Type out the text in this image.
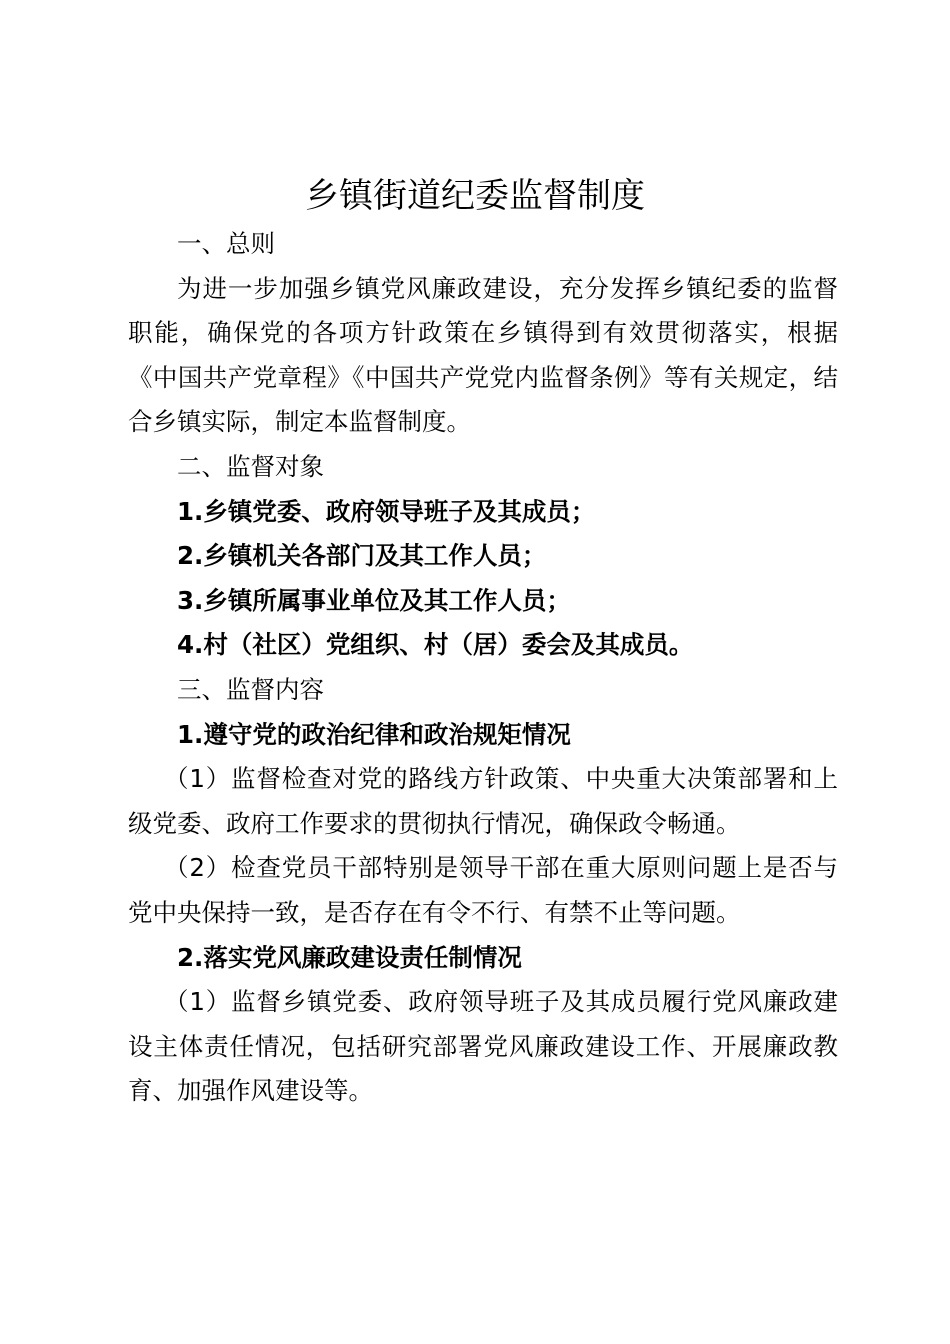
乡镇街道纪委监督制度

一、总则

为进一步加强乡镇党风廉政建设，充分发挥乡镇纪委的监督职能，确保党的各项方针政策在乡镇得到有效贯彻落实，根据《中国共产党章程》《中国共产党党内监督条例》等有关规定，结合乡镇实际，制定本监督制度。

二、监督对象

1.乡镇党委、政府领导班子及其成员；

2.乡镇机关各部门及其工作人员；

3.乡镇所属事业单位及其工作人员；

4.村（社区）党组织、村（居）委会及其成员。

三、监督内容

1.遵守党的政治纪律和政治规矩情况

（1）监督检查对党的路线方针政策、中央重大决策部署和上级党委、政府工作要求的贯彻执行情况，确保政令畅通。

（2）检查党员干部特别是领导干部在重大原则问题上是否与党中央保持一致，是否存在有令不行、有禁不止等问题。

2.落实党风廉政建设责任制情况

（1）监督乡镇党委、政府领导班子及其成员履行党风廉政建设主体责任情况，包括研究部署党风廉政建设工作、开展廉政教育、加强作风建设等。
